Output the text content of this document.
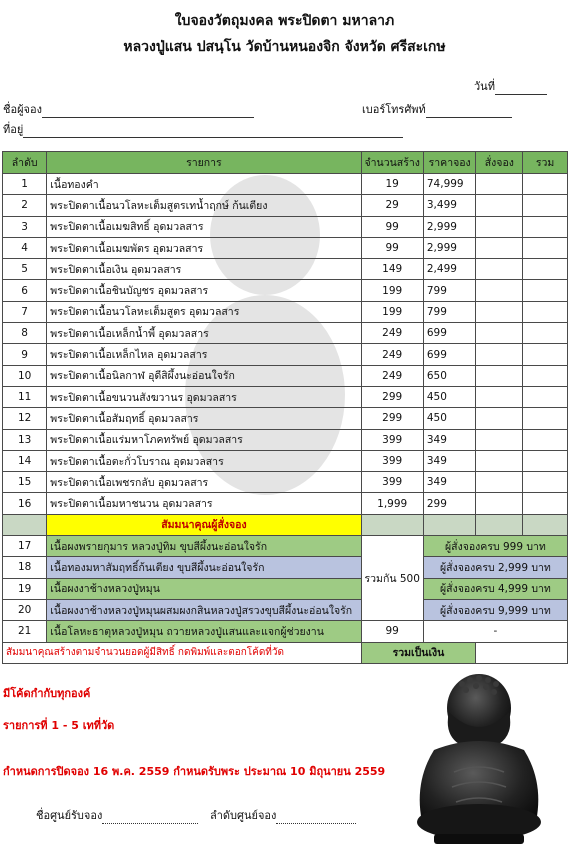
ใบจองวัตถุมงคล พระปิดตา มหาลาภ
หลวงปู่แสน ปสนฺโน วัดบ้านหนองจิก จังหวัด ศรีสะเกษ
วันที่
ชื่อผู้จอง	เบอร์โทรศัพท์
ที่อยู่
ลำดับ	รายการ	จำนวนสร้าง	ราคาจอง	สั่งจอง	รวม
1	เนื้อทองคำ	19	74,999		
2	พระปิดตาเนื้อนวโลหะเต็มสูตรเทน้ำฤกษ์ ก้นเตียง	29	3,499		
3	พระปิดตาเนื้อเมฆสิทธิ์ อุดมวลสาร	99	2,999		
4	พระปิดตาเนื้อเมฆพัตร อุดมวลสาร	99	2,999		
5	พระปิดตาเนื้อเงิน อุดมวลสาร	149	2,499		
6	พระปิดตาเนื้อชินบัญชร อุดมวลสาร	199	799		
7	พระปิดตาเนื้อนวโลหะเต็มสูตร อุดมวลสาร	199	799		
8	พระปิดตาเนื้อเหล็กน้ำพี้ อุดมวลสาร	249	699		
9	พระปิดตาเนื้อเหล็กไหล อุดมวลสาร	249	699		
10	พระปิดตาเนื้อนิลกาฬ อุดีสิผึ้งนะอ่อนใจรัก	249	650		
11	พระปิดตาเนื้อขนวนสังฆวานร อุดมวลสาร	299	450		
12	พระปิดตาเนื้อสัมฤทธิ์ อุดมวลสาร	299	450		
13	พระปิดตาเนื้อแร่มหาโภคทรัพย์ อุดมวลสาร	399	349		
14	พระปิดตาเนื้อตะกั่วโบราณ อุดมวลสาร	399	349		
15	พระปิดตาเนื้อเพชรกลับ อุดมวลสาร	399	349		
16	พระปิดตาเนื้อมหาชนวน อุดมวลสาร	1,999	299		
	สัมมนาคุณผู้สั่งจอง				
17	เนื้อผงพรายกุมาร หลวงปู่ทิม ขุบสีผึ้งนะอ่อนใจรัก	รวมกัน 500	ผู้สั่งจองครบ 999 บาท		
18	เนื้อทองมหาสัมฤทธิ์ก้นเตียง ขุบสีผึ้งนะอ่อนใจรัก		ผู้สั่งจองครบ 2,999 บาท		
19	เนื้อผงงาช้างหลวงปู่หมุน		ผู้สั่งจองครบ 4,999 บาท		
20	เนื้อผงงาช้างหลวงปู่หมุนผสมผงกสินหลวงปู่สรวงขุบสีผึ้งนะอ่อนใจรัก		ผู้สั่งจองครบ 9,999 บาท		
21	เนื้อโลหะธาตุหลวงปู่หมุน ถวายหลวงปู่แสนและแจกผู้ช่วยงาน	99	-		
สัมมนาคุณสร้างตามจำนวนยอดผู้มีสิทธิ์ กดพิมพ์และตอกโค้ดที่วัด		รวมเป็นเงิน			
มีโค้ดกำกับทุกองค์
รายการที่ 1 - 5 เทที่วัด
กำหนดการปิดจอง 16 พ.ค. 2559 กำหนดรับพระ ประมาณ 10 มิถุนายน 2559
ชื่อศูนย์รับจอง	ลำดับศูนย์จอง
